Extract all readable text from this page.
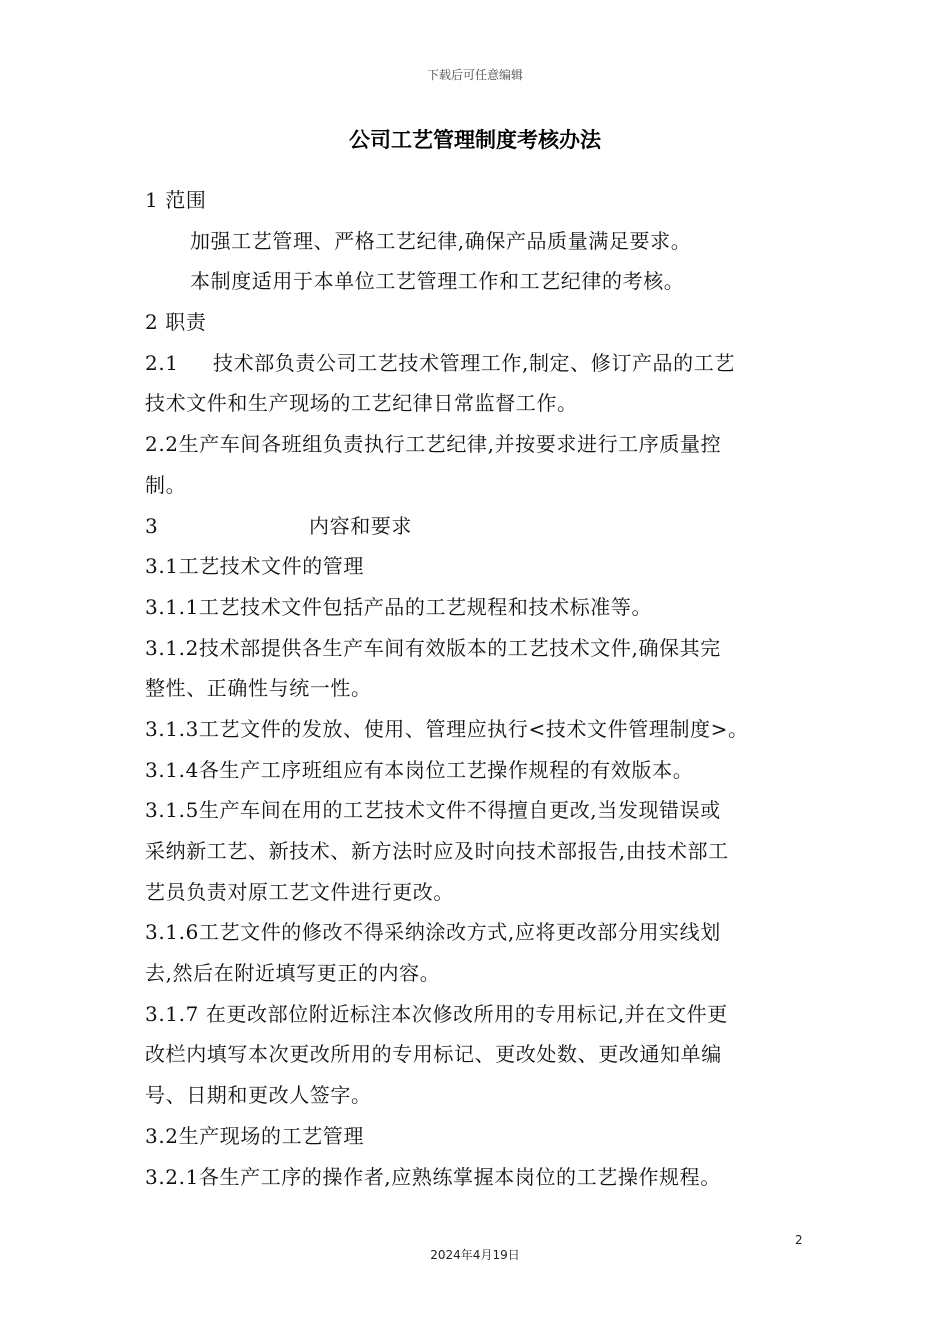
下载后可任意编辑
公司工艺管理制度考核办法
1 范围
加强工艺管理、严格工艺纪律,确保产品质量满足要求。
本制度适用于本单位工艺管理工作和工艺纪律的考核。
2 职责
2.1 技术部负责公司工艺技术管理工作,制定、修订产品的工艺
技术文件和生产现场的工艺纪律日常监督工作。
2.2生产车间各班组负责执行工艺纪律,并按要求进行工序质量控
制。
3	内容和要求
3.1工艺技术文件的管理
3.1.1工艺技术文件包括产品的工艺规程和技术标准等。
3.1.2技术部提供各生产车间有效版本的工艺技术文件,确保其完
整性、正确性与统一性。
3.1.3工艺文件的发放、使用、管理应执行<技术文件管理制度>。
3.1.4各生产工序班组应有本岗位工艺操作规程的有效版本。
3.1.5生产车间在用的工艺技术文件不得擅自更改,当发现错误或
采纳新工艺、新技术、新方法时应及时向技术部报告,由技术部工
艺员负责对原工艺文件进行更改。
3.1.6工艺文件的修改不得采纳涂改方式,应将更改部分用实线划
去,然后在附近填写更正的内容。
3.1.7 在更改部位附近标注本次修改所用的专用标记,并在文件更
改栏内填写本次更改所用的专用标记、更改处数、更改通知单编
号、日期和更改人签字。
3.2生产现场的工艺管理
3.2.1各生产工序的操作者,应熟练掌握本岗位的工艺操作规程。
2
2024年4月19日
